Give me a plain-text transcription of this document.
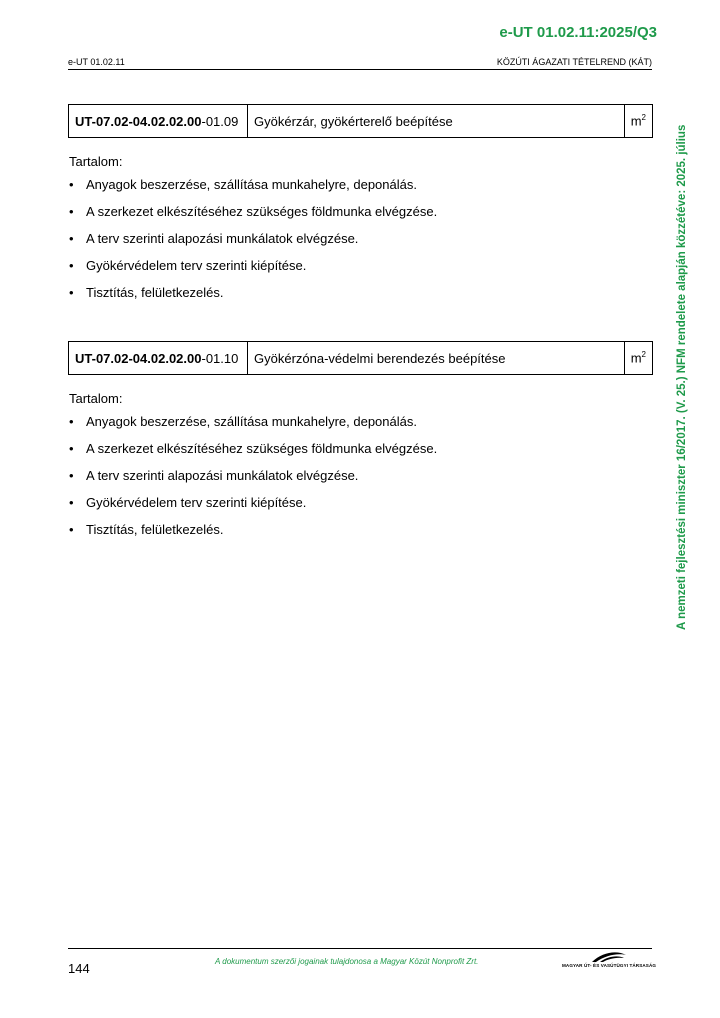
e-UT 01.02.11:2025/Q3
e-UT 01.02.11	KÖZÚTI ÁGAZATI TÉTELREND (KÁT)
A nemzeti fejlesztési miniszter 16/2017. (V. 25.) NFM rendelete alapján közzétéve: 2025. július
UT-07.02-04.02.02.00-01.09	Gyökérzár, gyökérterelő beépítése	$m^2$
Tartalom:
• Anyagok beszerzése, szállítása munkahelyre, deponálás.
• A szerkezet elkészítéséhez szükséges földmunka elvégzése.
• A terv szerinti alapozási munkálatok elvégzése.
• Gyökérvédelem terv szerinti kiépítése.
• Tisztítás, felületkezelés.
UT-07.02-04.02.02.00-01.10	Gyökérzóna-védelmi berendezés beépítése	$m^2$
Tartalom:
• Anyagok beszerzése, szállítása munkahelyre, deponálás.
• A szerkezet elkészítéséhez szükséges földmunka elvégzése.
• A terv szerinti alapozási munkálatok elvégzése.
• Gyökérvédelem terv szerinti kiépítése.
• Tisztítás, felületkezelés.
144	A dokumentum szerzői jogainak tulajdonosa a Magyar Közút Nonprofit Zrt.	MAGYAR ÚT- ÉS VASÚTÜGYI TÁRSASÁG
